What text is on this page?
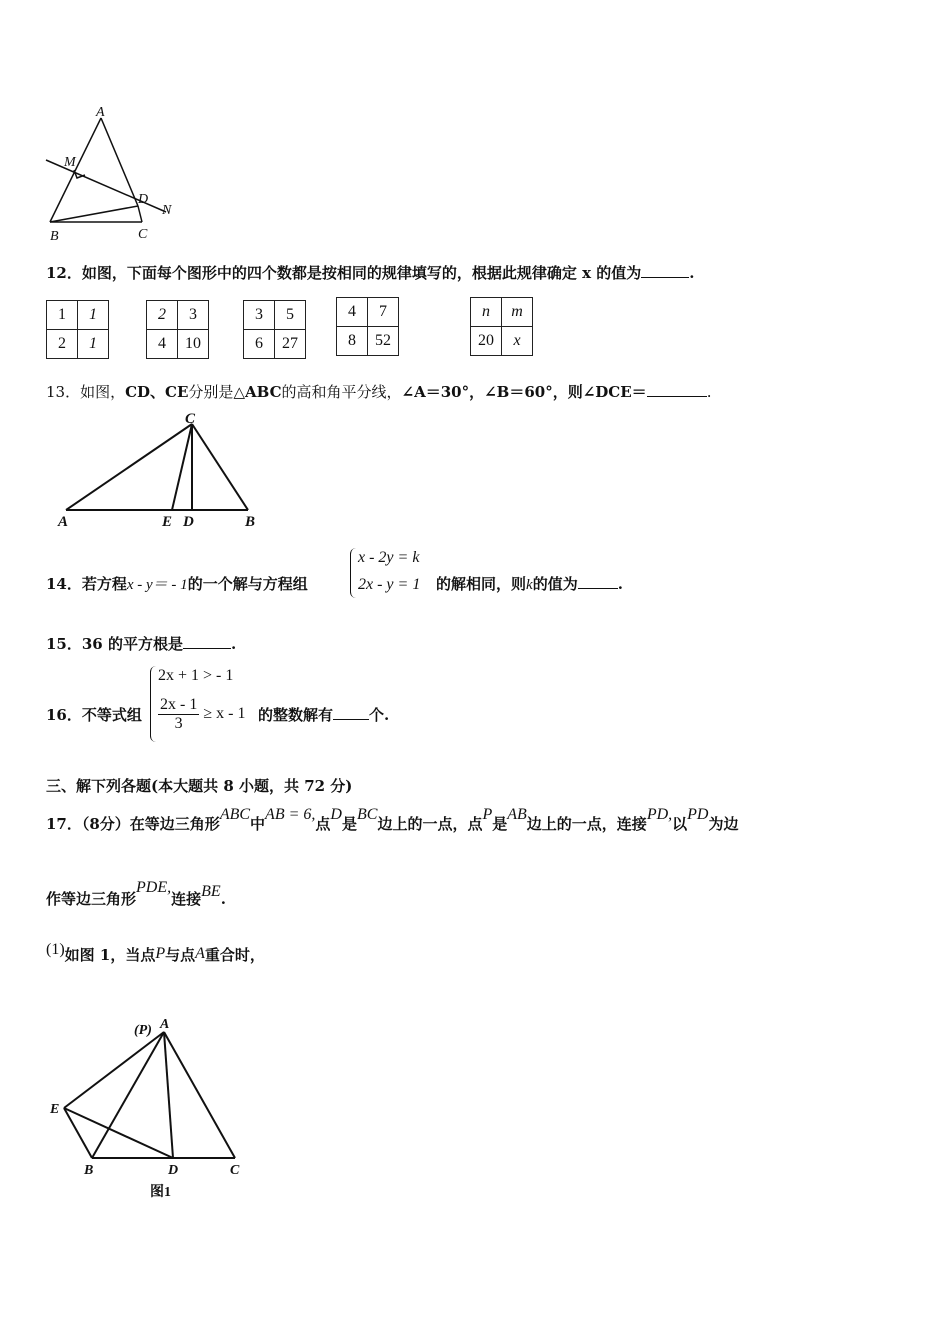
A
M
D
N
B	C
12．如图，下面每个图形中的四个数都是按相同的规律填写的，根据此规律确定 x 的值为	.
1	1
2	1
2	3
4	10
3	5
6	27
4	7
8	52
n	m
20	x
13．如图，CD、CE分别是△ABC的高和角平分线，∠A＝30°，∠B＝60°，则∠DCE＝	.
C
A	E D	B
14．若方程x - y＝ - 1的一个解与方程组
x - 2y = k
2x - y = 1 的解相同，则k的值为	.
15．36 的平方根是	.
16．不等式组
2x + 1 > - 1
$\frac{2x - 1}{3} \ge x - 1$ 的整数解有 个.
三、解下列各题(本大题共 8 小题，共 72 分)
17．（8分）在等边三角形ABC中AB = 6,点D是BC边上的一点，点P是AB边上的一点，连接PD,以PD为边
作等边三角形PDE,连接BE.
(1)如图 1，当点P与点A重合时，
(P) A
E
B	D	C
图1
